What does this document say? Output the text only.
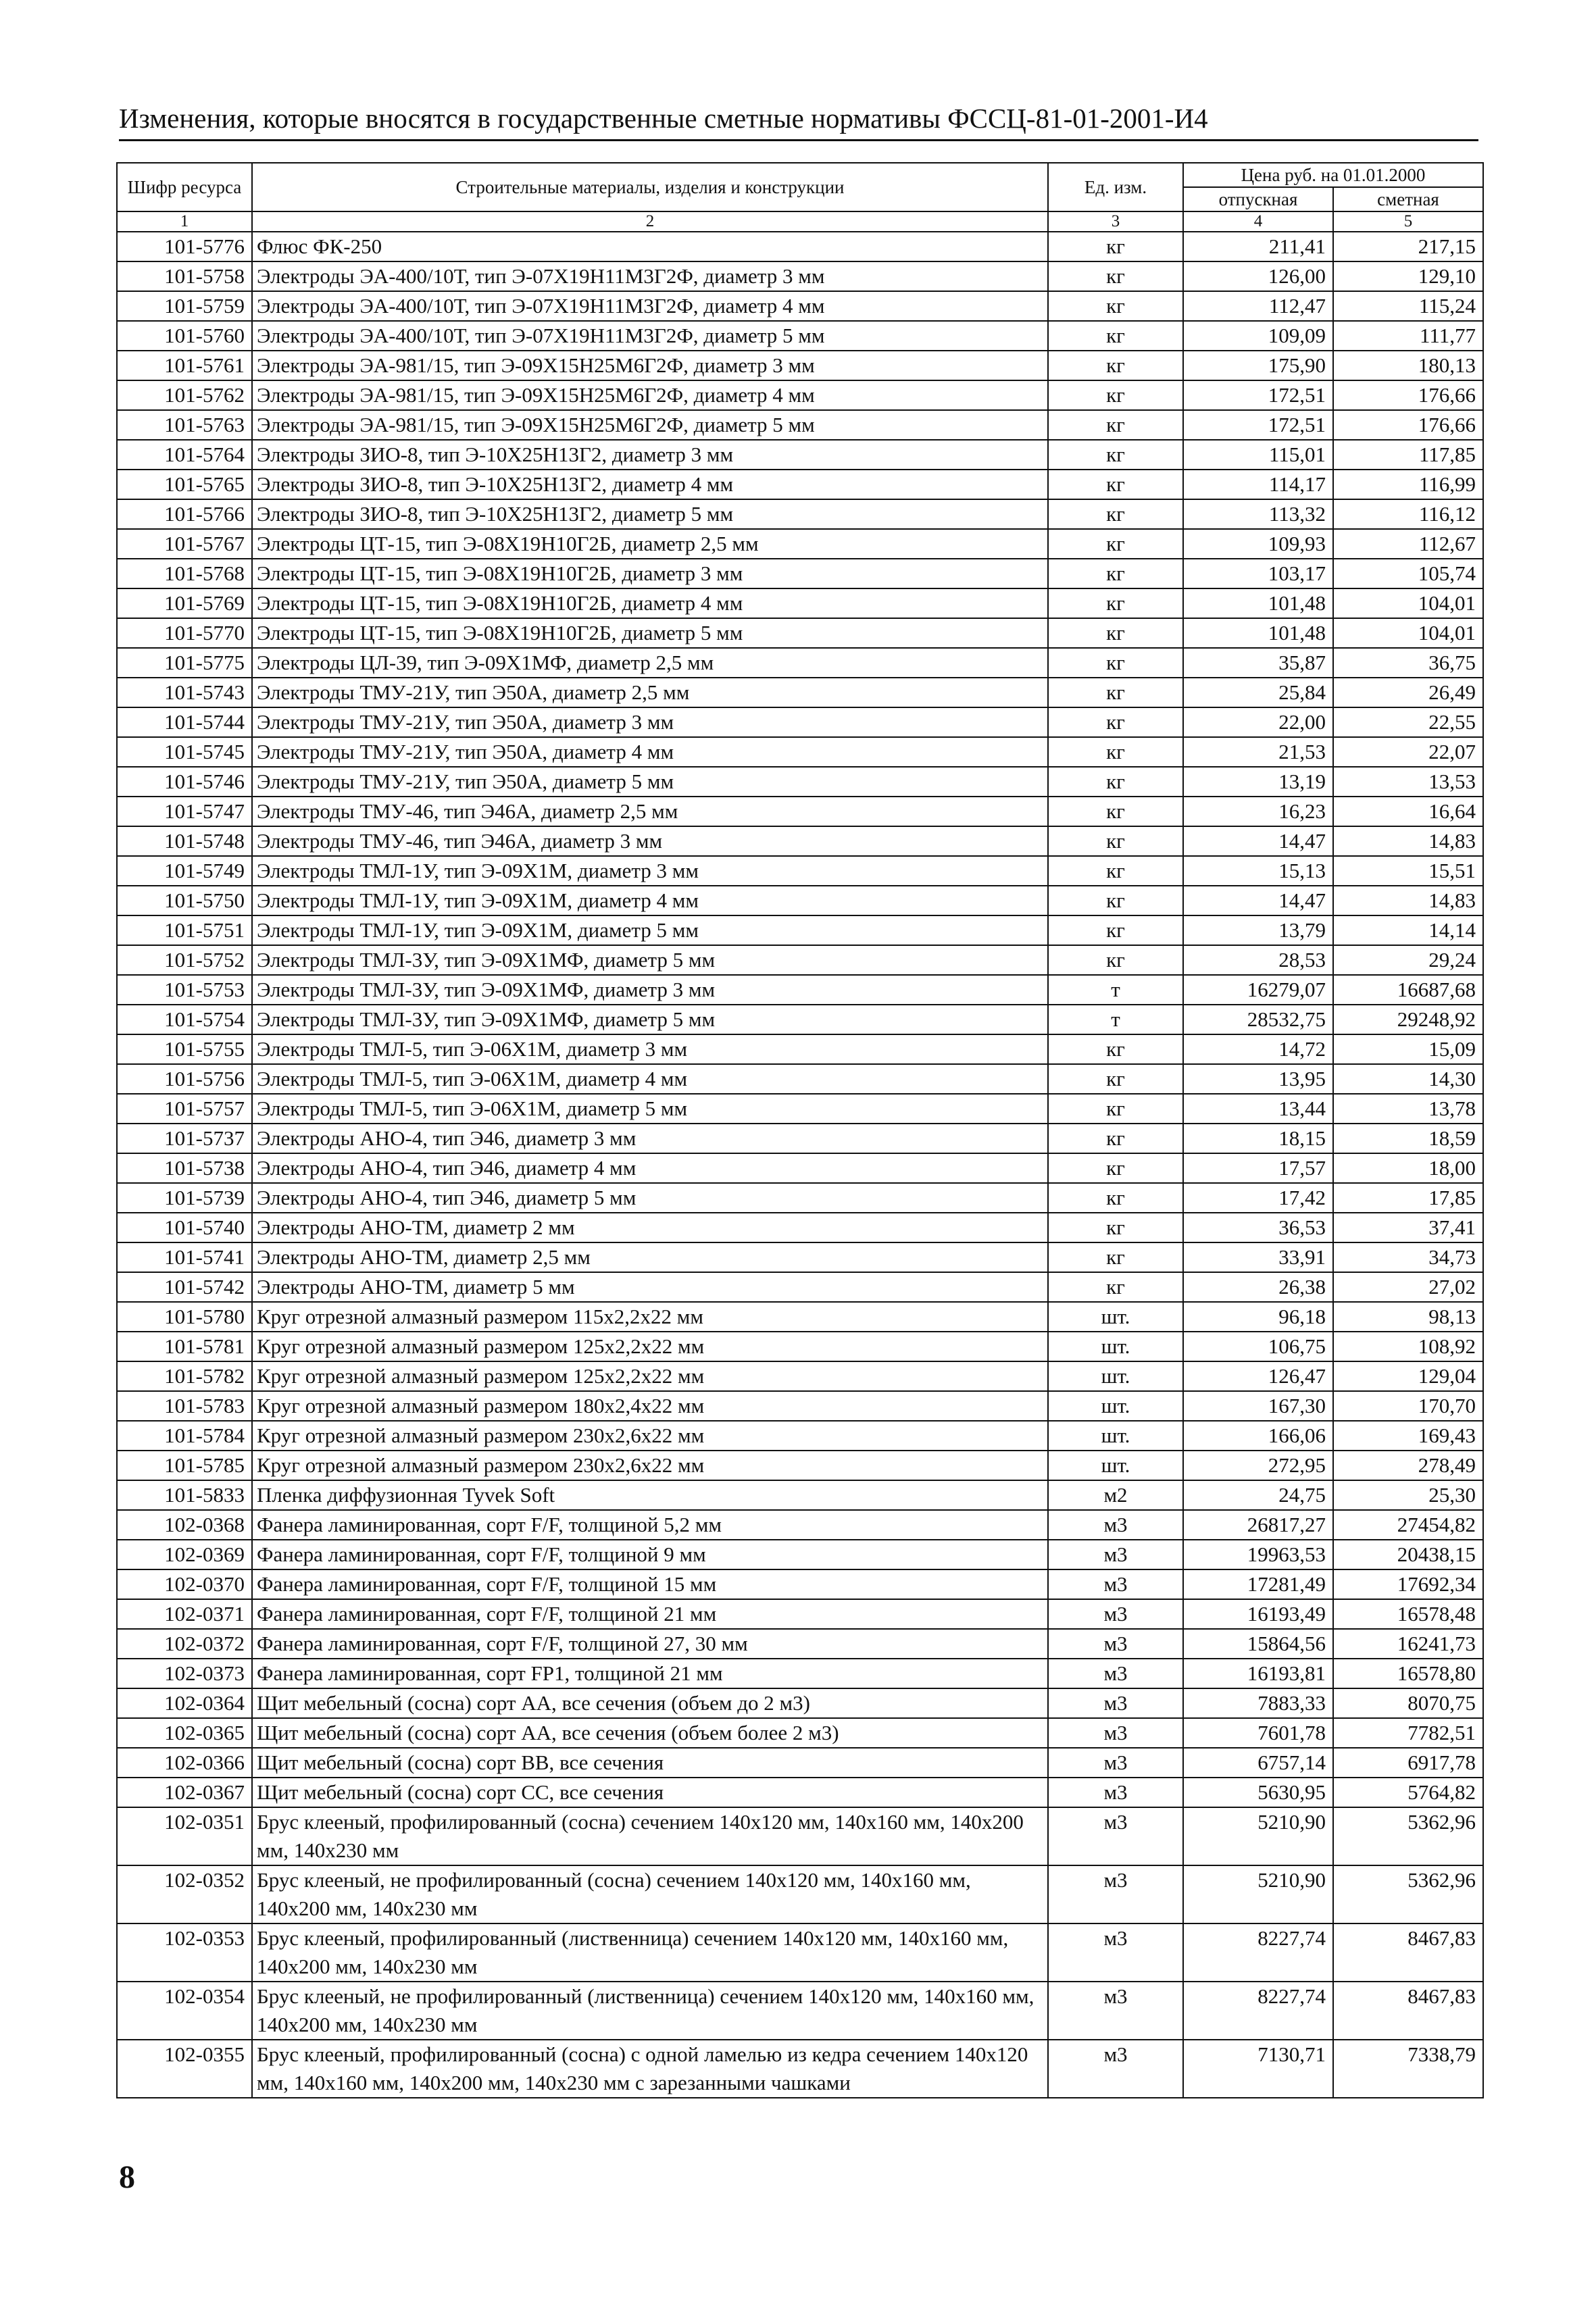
Изменения, которые вносятся в государственные сметные нормативы ФССЦ-81-01-2001-И4
Шифр ресурса	Строительные материалы, изделия и конструкции	Ед. изм.	Цена руб. на 01.01.2000	
			отпускная	сметная
1	2	3	4	5
101-5776	Флюс ФК-250	кг	211,41	217,15
101-5758	Электроды ЭА-400/10Т, тип Э-07Х19Н11М3Г2Ф, диаметр 3 мм	кг	126,00	129,10
101-5759	Электроды ЭА-400/10Т, тип Э-07Х19Н11М3Г2Ф, диаметр 4 мм	кг	112,47	115,24
101-5760	Электроды ЭА-400/10Т, тип Э-07Х19Н11М3Г2Ф, диаметр 5 мм	кг	109,09	111,77
101-5761	Электроды ЭА-981/15, тип Э-09Х15Н25М6Г2Ф, диаметр 3 мм	кг	175,90	180,13
101-5762	Электроды ЭА-981/15, тип Э-09Х15Н25М6Г2Ф, диаметр 4 мм	кг	172,51	176,66
101-5763	Электроды ЭА-981/15, тип Э-09Х15Н25М6Г2Ф, диаметр 5 мм	кг	172,51	176,66
101-5764	Электроды ЗИО-8, тип Э-10Х25Н13Г2, диаметр 3 мм	кг	115,01	117,85
101-5765	Электроды ЗИО-8, тип Э-10Х25Н13Г2, диаметр 4 мм	кг	114,17	116,99
101-5766	Электроды ЗИО-8, тип Э-10Х25Н13Г2, диаметр 5 мм	кг	113,32	116,12
101-5767	Электроды ЦТ-15, тип Э-08Х19Н10Г2Б, диаметр 2,5 мм	кг	109,93	112,67
101-5768	Электроды ЦТ-15, тип Э-08Х19Н10Г2Б, диаметр 3 мм	кг	103,17	105,74
101-5769	Электроды ЦТ-15, тип Э-08Х19Н10Г2Б, диаметр 4 мм	кг	101,48	104,01
101-5770	Электроды ЦТ-15, тип Э-08Х19Н10Г2Б, диаметр 5 мм	кг	101,48	104,01
101-5775	Электроды ЦЛ-39, тип Э-09Х1МФ, диаметр 2,5 мм	кг	35,87	36,75
101-5743	Электроды ТМУ-21У, тип Э50А, диаметр 2,5 мм	кг	25,84	26,49
101-5744	Электроды ТМУ-21У, тип Э50А, диаметр 3 мм	кг	22,00	22,55
101-5745	Электроды ТМУ-21У, тип Э50А, диаметр 4 мм	кг	21,53	22,07
101-5746	Электроды ТМУ-21У, тип Э50А, диаметр 5 мм	кг	13,19	13,53
101-5747	Электроды ТМУ-46, тип Э46А, диаметр 2,5 мм	кг	16,23	16,64
101-5748	Электроды ТМУ-46, тип Э46А, диаметр 3 мм	кг	14,47	14,83
101-5749	Электроды ТМЛ-1У, тип Э-09Х1М, диаметр 3 мм	кг	15,13	15,51
101-5750	Электроды ТМЛ-1У, тип Э-09Х1М, диаметр 4 мм	кг	14,47	14,83
101-5751	Электроды ТМЛ-1У, тип Э-09Х1М, диаметр 5 мм	кг	13,79	14,14
101-5752	Электроды ТМЛ-3У, тип Э-09Х1МФ, диаметр 5 мм	кг	28,53	29,24
101-5753	Электроды ТМЛ-3У, тип Э-09Х1МФ, диаметр 3 мм	т	16279,07	16687,68
101-5754	Электроды ТМЛ-3У, тип Э-09Х1МФ, диаметр 5 мм	т	28532,75	29248,92
101-5755	Электроды ТМЛ-5, тип Э-06Х1М, диаметр 3 мм	кг	14,72	15,09
101-5756	Электроды ТМЛ-5, тип Э-06Х1М, диаметр 4 мм	кг	13,95	14,30
101-5757	Электроды ТМЛ-5, тип Э-06Х1М, диаметр 5 мм	кг	13,44	13,78
101-5737	Электроды АНО-4, тип Э46, диаметр 3 мм	кг	18,15	18,59
101-5738	Электроды АНО-4, тип Э46, диаметр 4 мм	кг	17,57	18,00
101-5739	Электроды АНО-4, тип Э46, диаметр 5 мм	кг	17,42	17,85
101-5740	Электроды АНО-ТМ, диаметр 2 мм	кг	36,53	37,41
101-5741	Электроды АНО-ТМ, диаметр 2,5 мм	кг	33,91	34,73
101-5742	Электроды АНО-ТМ, диаметр 5 мм	кг	26,38	27,02
101-5780	Круг отрезной алмазный размером 115х2,2х22 мм	шт.	96,18	98,13
101-5781	Круг отрезной алмазный размером 125х2,2х22 мм	шт.	106,75	108,92
101-5782	Круг отрезной алмазный размером 125х2,2х22 мм	шт.	126,47	129,04
101-5783	Круг отрезной алмазный размером 180х2,4х22 мм	шт.	167,30	170,70
101-5784	Круг отрезной алмазный размером 230х2,6х22 мм	шт.	166,06	169,43
101-5785	Круг отрезной алмазный размером 230х2,6х22 мм	шт.	272,95	278,49
101-5833	Пленка диффузионная Tyvek Soft	м2	24,75	25,30
102-0368	Фанера ламинированная, сорт F/F, толщиной 5,2 мм	м3	26817,27	27454,82
102-0369	Фанера ламинированная, сорт F/F, толщиной 9 мм	м3	19963,53	20438,15
102-0370	Фанера ламинированная, сорт F/F, толщиной 15 мм	м3	17281,49	17692,34
102-0371	Фанера ламинированная, сорт F/F, толщиной 21 мм	м3	16193,49	16578,48
102-0372	Фанера ламинированная, сорт F/F, толщиной 27, 30 мм	м3	15864,56	16241,73
102-0373	Фанера ламинированная, сорт FP1, толщиной 21 мм	м3	16193,81	16578,80
102-0364	Щит мебельный (сосна) сорт АА, все сечения (объем до 2 м3)	м3	7883,33	8070,75
102-0365	Щит мебельный (сосна) сорт АА, все сечения (объем более 2 м3)	м3	7601,78	7782,51
102-0366	Щит мебельный (сосна) сорт ВВ, все сечения	м3	6757,14	6917,78
102-0367	Щит мебельный (сосна) сорт СС, все сечения	м3	5630,95	5764,82
102-0351	Брус клееный, профилированный (сосна) сечением 140х120 мм, 140х160 мм, 140х200 мм, 140х230 мм	м3	5210,90	5362,96
102-0352	Брус клееный, не профилированный (сосна) сечением 140х120 мм, 140х160 мм, 140х200 мм, 140х230 мм	м3	5210,90	5362,96
102-0353	Брус клееный, профилированный (лиственница) сечением 140х120 мм, 140х160 мм, 140х200 мм, 140х230 мм	м3	8227,74	8467,83
102-0354	Брус клееный, не профилированный (лиственница) сечением 140х120 мм, 140х160 мм, 140х200 мм, 140х230 мм	м3	8227,74	8467,83
102-0355	Брус клееный, профилированный (сосна) с одной ламелью из кедра сечением 140х120 мм, 140х160 мм, 140х200 мм, 140х230 мм с зарезанными чашками	м3	7130,71	7338,79
8
